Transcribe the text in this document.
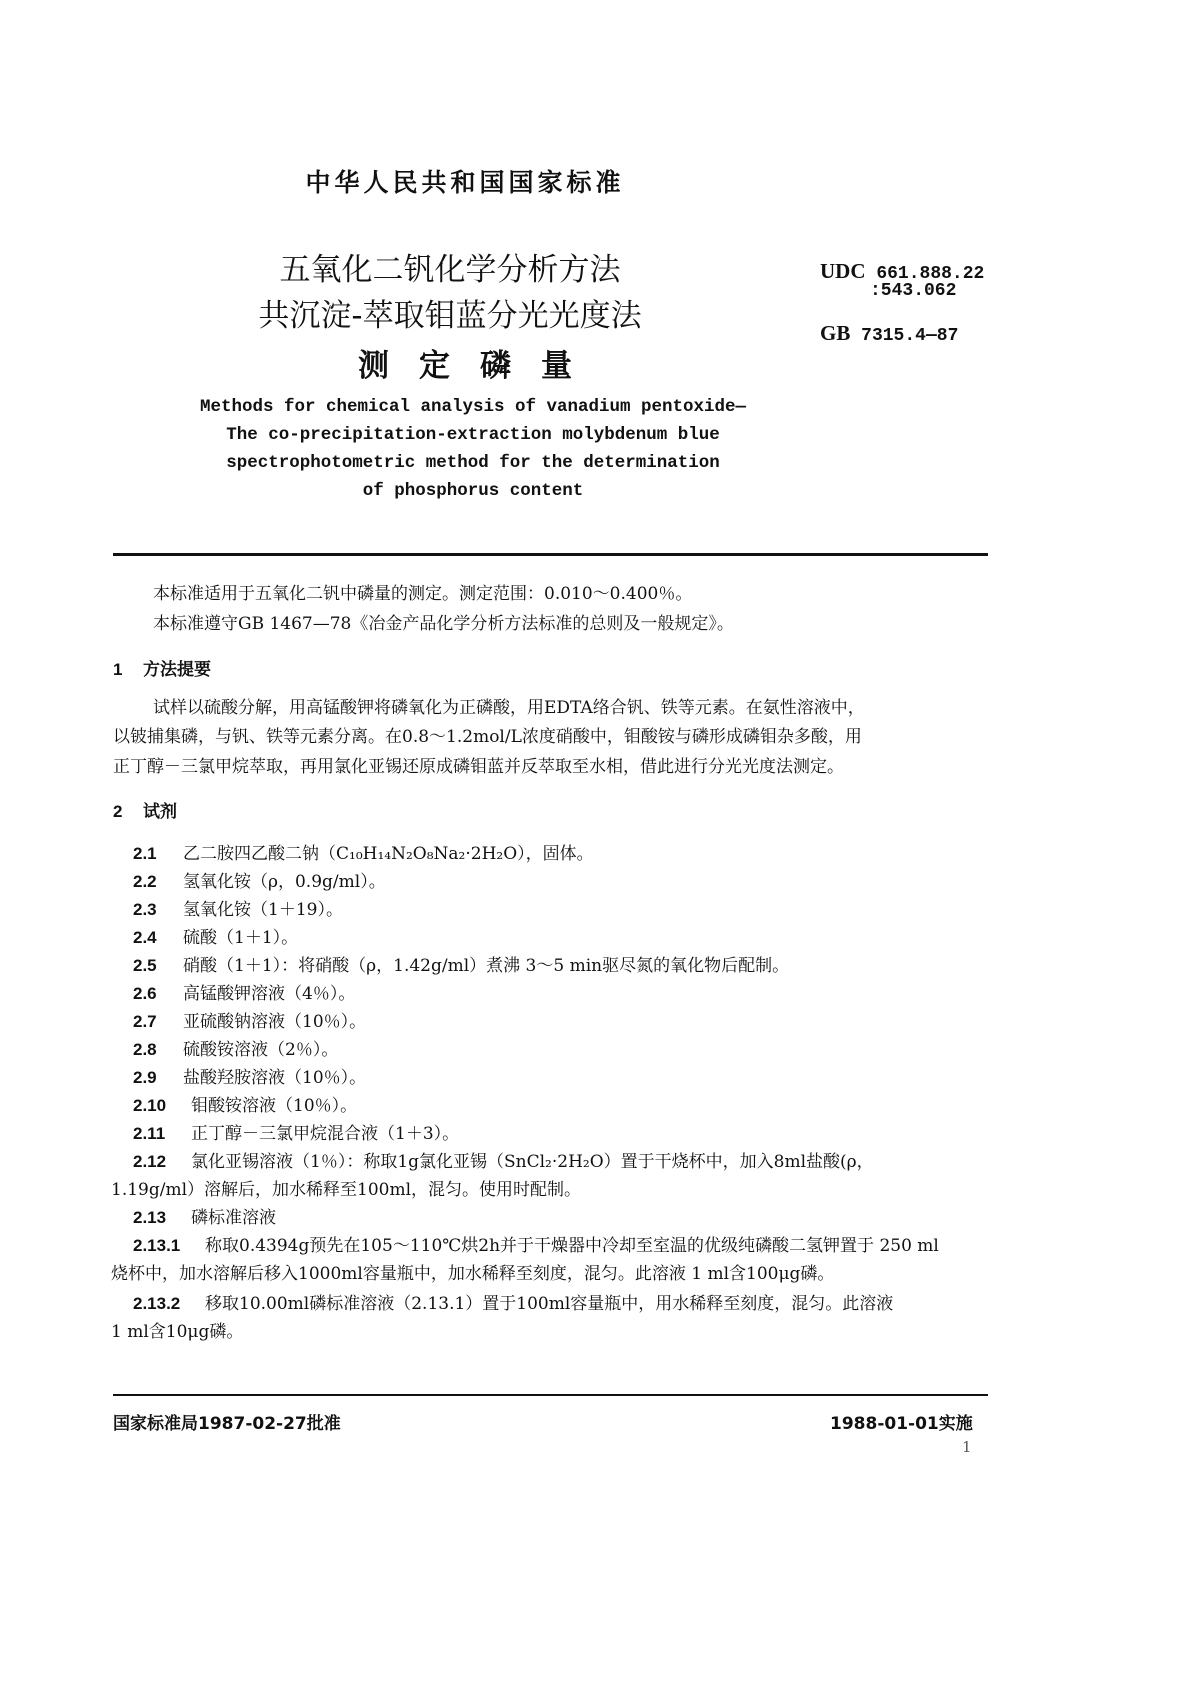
中华人民共和国国家标准
五氧化二钒化学分析方法
共沉淀-萃取钼蓝分光光度法
测定磷量
UDC 661.888.22
:543.062
GB 7315.4—87
Methods for chemical analysis of vanadium pentoxide—
The co-precipitation-extraction molybdenum blue
spectrophotometric method for the determination
of phosphorus content
本标准适用于五氧化二钒中磷量的测定。测定范围：0.010～0.400％。
本标准遵守GB 1467—78《冶金产品化学分析方法标准的总则及一般规定》。
1 方法提要
试样以硫酸分解，用高锰酸钾将磷氧化为正磷酸，用EDTA络合钒、铁等元素。在氨性溶液中，
以铍捕集磷，与钒、铁等元素分离。在0.8～1.2mol/L浓度硝酸中，钼酸铵与磷形成磷钼杂多酸，用
正丁醇－三氯甲烷萃取，再用氯化亚锡还原成磷钼蓝并反萃取至水相，借此进行分光光度法测定。
2 试剂
2.1 乙二胺四乙酸二钠（C₁₀H₁₄N₂O₈Na₂·2H₂O），固体。
2.2 氢氧化铵（ρ，0.9g/ml）。
2.3 氢氧化铵（1＋19）。
2.4 硫酸（1＋1）。
2.5 硝酸（1＋1）：将硝酸（ρ，1.42g/ml）煮沸 3～5 min驱尽氮的氧化物后配制。
2.6 高锰酸钾溶液（4％）。
2.7 亚硫酸钠溶液（10％）。
2.8 硫酸铵溶液（2％）。
2.9 盐酸羟胺溶液（10％）。
2.10 钼酸铵溶液（10％）。
2.11 正丁醇－三氯甲烷混合液（1＋3）。
2.12 氯化亚锡溶液（1％）：称取1g氯化亚锡（SnCl₂·2H₂O）置于干烧杯中，加入8ml盐酸(ρ，
1.19g/ml）溶解后，加水稀释至100ml，混匀。使用时配制。
2.13 磷标准溶液
2.13.1 称取0.4394g预先在105～110℃烘2h并于干燥器中冷却至室温的优级纯磷酸二氢钾置于 250 ml
烧杯中，加水溶解后移入1000ml容量瓶中，加水稀释至刻度，混匀。此溶液 1 ml含100μg磷。
2.13.2 移取10.00ml磷标准溶液（2.13.1）置于100ml容量瓶中，用水稀释至刻度，混匀。此溶液
1 ml含10μg磷。
国家标准局1987-02-27批准	1988-01-01实施
1
